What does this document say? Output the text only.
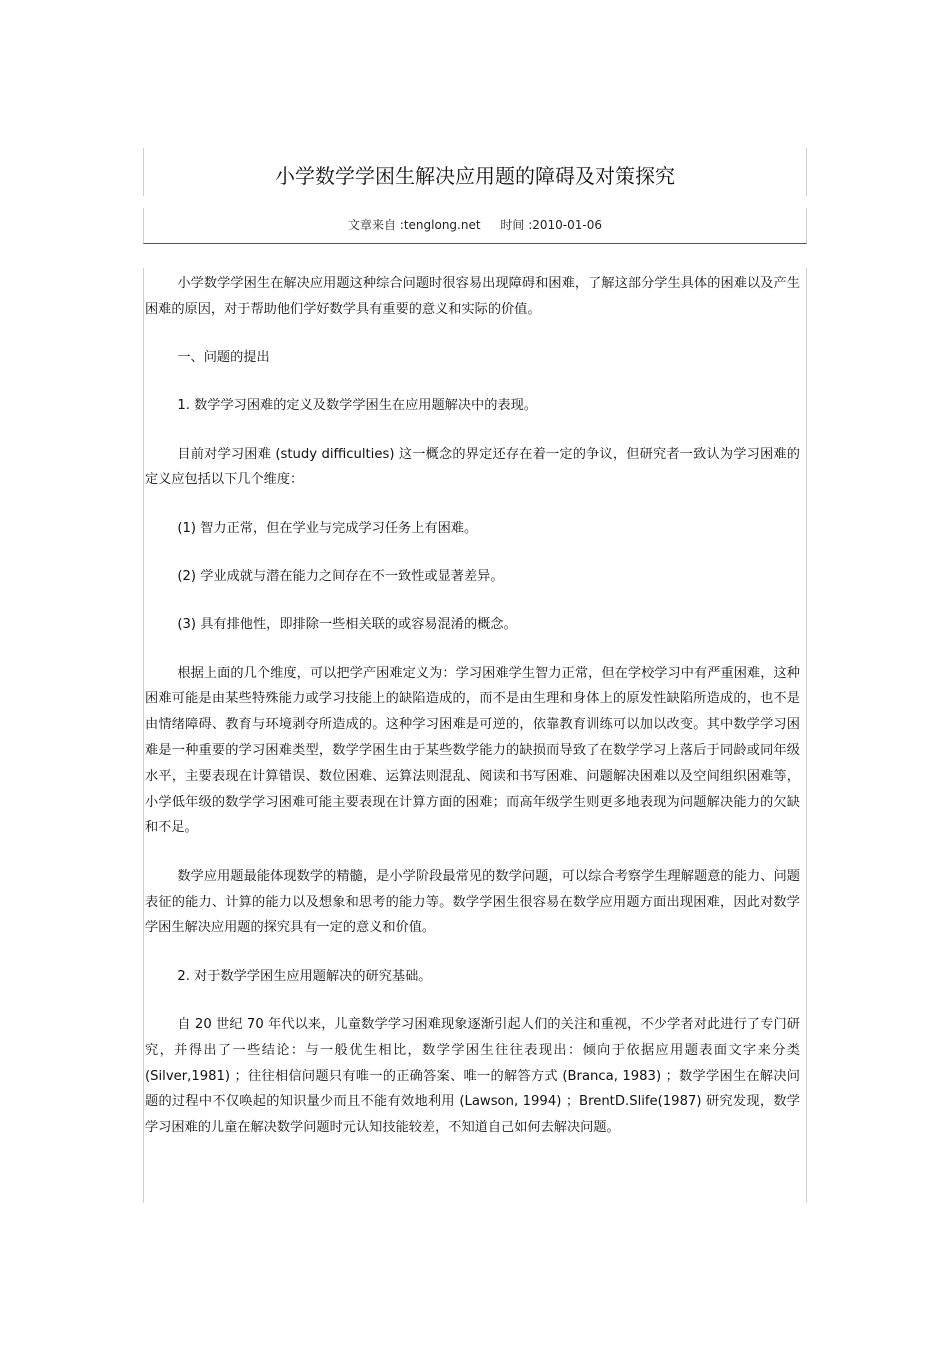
小学数学学困生解决应用题的障碍及对策探究
文章来自 :tenglong.net 时间 :2010-01-06

小学数学学困生在解决应用题这种综合问题时很容易出现障碍和困难，了解这部分学生具体的困难以及产生困难的原因，对于帮助他们学好数学具有重要的意义和实际的价值。

一、问题的提出

1. 数学学习困难的定义及数学学困生在应用题解决中的表现。

目前对学习困难 (study difficulties) 这一概念的界定还存在着一定的争议，但研究者一致认为学习困难的定义应包括以下几个维度：

(1) 智力正常，但在学业与完成学习任务上有困难。

(2) 学业成就与潜在能力之间存在不一致性或显著差异。

(3) 具有排他性，即排除一些相关联的或容易混淆的概念。

根据上面的几个维度，可以把学产困难定义为：学习困难学生智力正常，但在学校学习中有严重困难，这种困难可能是由某些特殊能力或学习技能上的缺陷造成的，而不是由生理和身体上的原发性缺陷所造成的，也不是由情绪障碍、教育与环境剥夺所造成的。这种学习困难是可逆的，依靠教育训练可以加以改变。其中数学学习困难是一种重要的学习困难类型，数学学困生由于某些数学能力的缺损而导致了在数学学习上落后于同龄或同年级水平，主要表现在计算错误、数位困难、运算法则混乱、阅读和书写困难、问题解决困难以及空间组织困难等，小学低年级的数学学习困难可能主要表现在计算方面的困难；而高年级学生则更多地表现为问题解决能力的欠缺和不足。

数学应用题最能体现数学的精髓，是小学阶段最常见的数学问题，可以综合考察学生理解题意的能力、问题表征的能力、计算的能力以及想象和思考的能力等。数学学困生很容易在数学应用题方面出现困难，因此对数学学困生解决应用题的探究具有一定的意义和价值。

2. 对于数学学困生应用题解决的研究基础。

自 20 世纪 70 年代以来，儿童数学学习困难现象逐渐引起人们的关注和重视，不少学者对此进行了专门研究，并得出了一些结论：与一般优生相比，数学学困生往往表现出：倾向于依据应用题表面文字来分类 (Silver,1981) ；往往相信问题只有唯一的正确答案、唯一的解答方式 (Branca, 1983) ；数学学困生在解决问题的过程中不仅唤起的知识量少而且不能有效地利用 (Lawson, 1994) ；BrentD.Slife(1987) 研究发现，数学学习困难的儿童在解决数学问题时元认知技能较差，不知道自己如何去解决问题。
